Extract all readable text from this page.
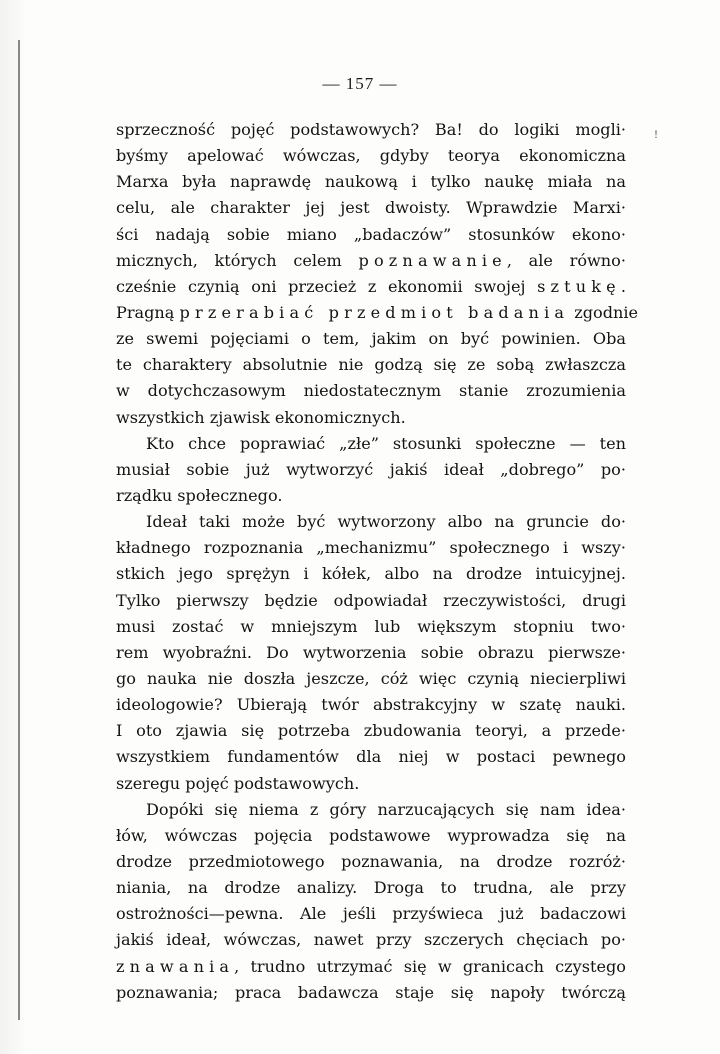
— 157 —
!
sprzeczność pojęć podstawowych? Ba! do logiki mogli·
byśmy apelować wówczas, gdyby teorya ekonomiczna
Marxa była naprawdę naukową i tylko naukę miała na
celu, ale charakter jej jest dwoisty. Wprawdzie Marxi·
ści nadają sobie miano „badaczów” stosunków ekono·
micznych, których celem poznawanie, ale równo·
cześnie czynią oni przecież z ekonomii swojej sztukę.
Pragną przerabiać przedmiot badania zgodnie
ze swemi pojęciami o tem, jakim on być powinien. Oba
te charaktery absolutnie nie godzą się ze sobą zwłaszcza
w dotychczasowym niedostatecznym stanie zrozumienia
wszystkich zjawisk ekonomicznych.
Kto chce poprawiać „złe” stosunki społeczne — ten
musiał sobie już wytworzyć jakiś ideał „dobrego” po·
rządku społecznego.
Ideał taki może być wytworzony albo na gruncie do·
kładnego rozpoznania „mechanizmu” społecznego i wszy·
stkich jego sprężyn i kółek, albo na drodze intuicyjnej.
Tylko pierwszy będzie odpowiadał rzeczywistości, drugi
musi zostać w mniejszym lub większym stopniu two·
rem wyobraźni. Do wytworzenia sobie obrazu pierwsze·
go nauka nie doszła jeszcze, cóż więc czynią niecierpliwi
ideologowie? Ubierają twór abstrakcyjny w szatę nauki.
I oto zjawia się potrzeba zbudowania teoryi, a przede·
wszystkiem fundamentów dla niej w postaci pewnego
szeregu pojęć podstawowych.
Dopóki się niema z góry narzucających się nam idea·
łów, wówczas pojęcia podstawowe wyprowadza się na
drodze przedmiotowego poznawania, na drodze rozróż·
niania, na drodze analizy. Droga to trudna, ale przy
ostrożności—pewna. Ale jeśli przyświeca już badaczowi
jakiś ideał, wówczas, nawet przy szczerych chęciach po·
znawania, trudno utrzymać się w granicach czystego
poznawania; praca badawcza staje się napoły twórczą
